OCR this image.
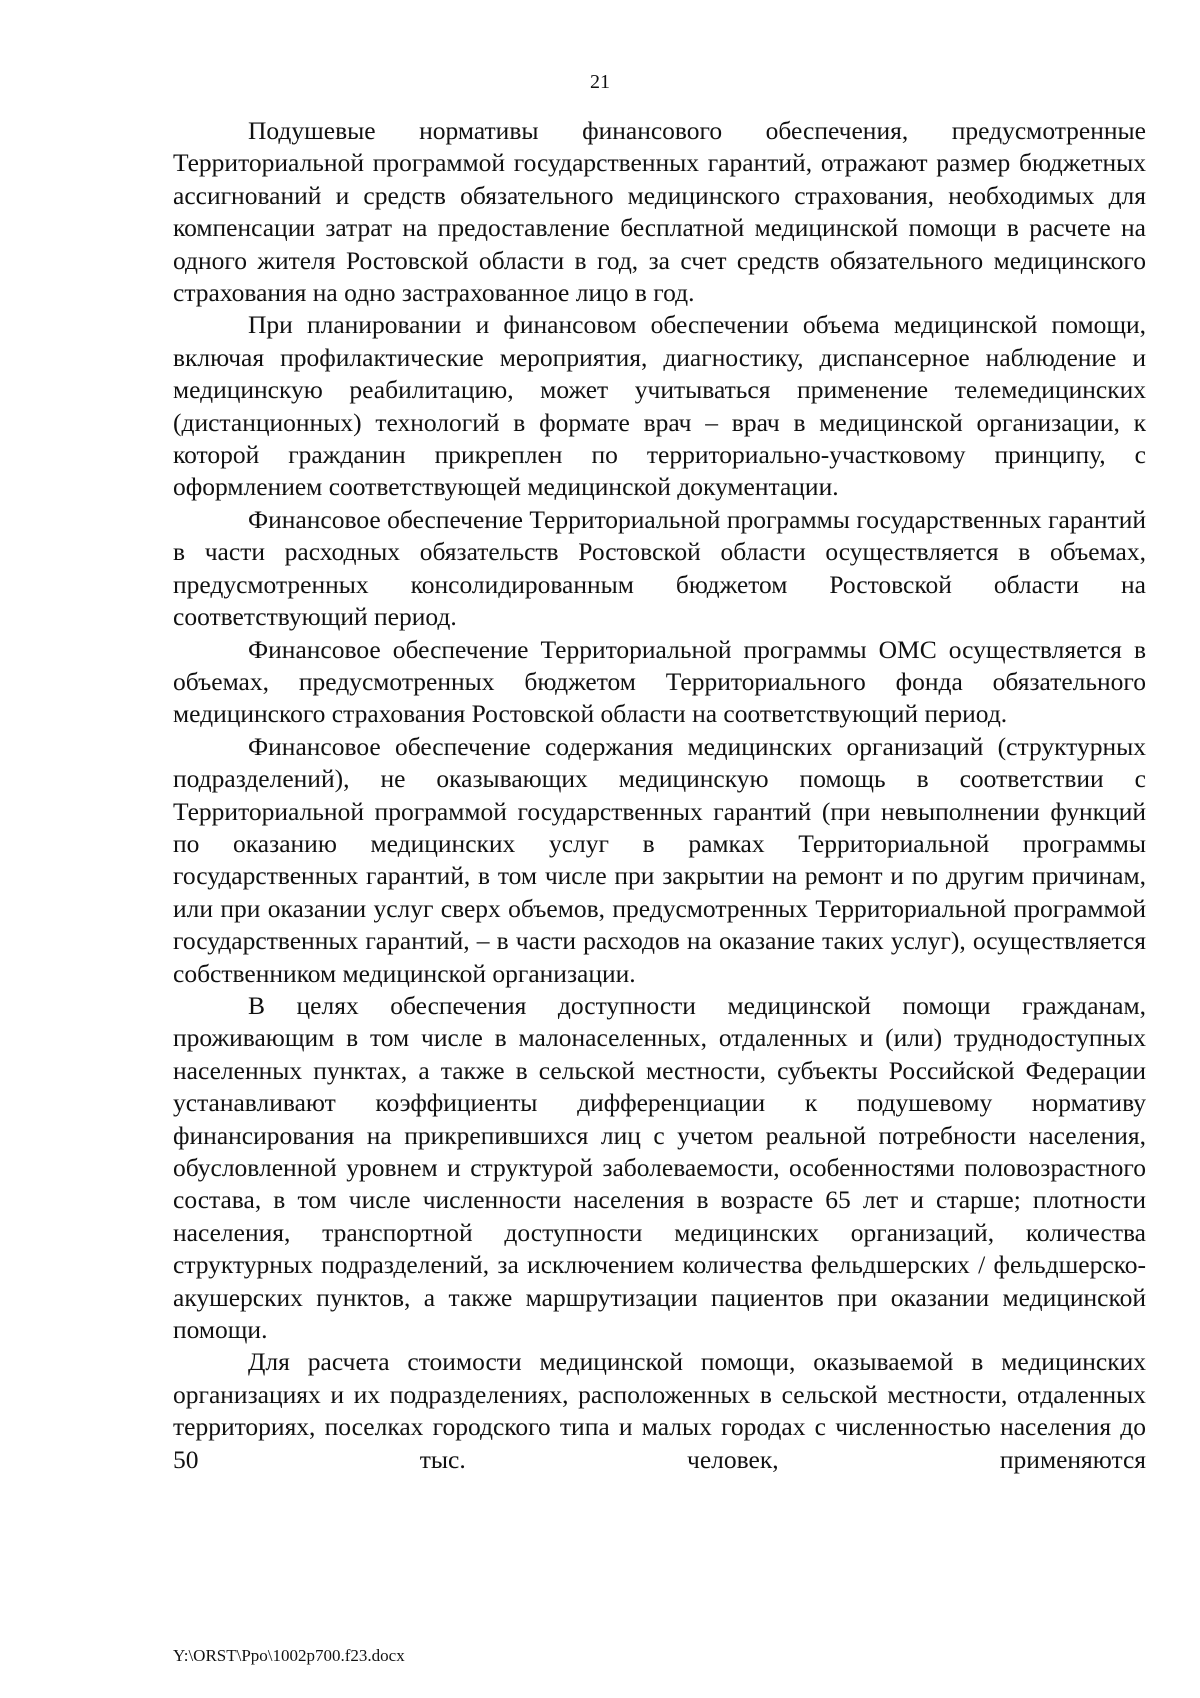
21

Подушевые нормативы финансового обеспечения, предусмотренные Территориальной программой государственных гарантий, отражают размер бюджетных ассигнований и средств обязательного медицинского страхования, необходимых для компенсации затрат на предоставление бесплатной медицинской помощи в расчете на одного жителя Ростовской области в год, за счет средств обязательного медицинского страхования на одно застрахованное лицо в год.

При планировании и финансовом обеспечении объема медицинской помощи, включая профилактические мероприятия, диагностику, диспансерное наблюдение и медицинскую реабилитацию, может учитываться применение телемедицинских (дистанционных) технологий в формате врач – врач в медицинской организации, к которой гражданин прикреплен по территориально-участковому принципу, с оформлением соответствующей медицинской документации.

Финансовое обеспечение Территориальной программы государственных гарантий в части расходных обязательств Ростовской области осуществляется в объемах, предусмотренных консолидированным бюджетом Ростовской области на соответствующий период.

Финансовое обеспечение Территориальной программы ОМС осуществляется в объемах, предусмотренных бюджетом Территориального фонда обязательного медицинского страхования Ростовской области на соответствующий период.

Финансовое обеспечение содержания медицинских организаций (структурных подразделений), не оказывающих медицинскую помощь в соответствии с Территориальной программой государственных гарантий (при невыполнении функций по оказанию медицинских услуг в рамках Территориальной программы государственных гарантий, в том числе при закрытии на ремонт и по другим причинам, или при оказании услуг сверх объемов, предусмотренных Территориальной программой государственных гарантий, – в части расходов на оказание таких услуг), осуществляется собственником медицинской организации.

В целях обеспечения доступности медицинской помощи гражданам, проживающим в том числе в малонаселенных, отдаленных и (или) труднодоступных населенных пунктах, а также в сельской местности, субъекты Российской Федерации устанавливают коэффициенты дифференциации к подушевому нормативу финансирования на прикрепившихся лиц с учетом реальной потребности населения, обусловленной уровнем и структурой заболеваемости, особенностями половозрастного состава, в том числе численности населения в возрасте 65 лет и старше; плотности населения, транспортной доступности медицинских организаций, количества структурных подразделений, за исключением количества фельдшерских / фельдшерско-акушерских пунктов, а также маршрутизации пациентов при оказании медицинской помощи.

Для расчета стоимости медицинской помощи, оказываемой в медицинских организациях и их подразделениях, расположенных в сельской местности, отдаленных территориях, поселках городского типа и малых городах с численностью населения до 50 тыс. человек, применяются

Y:\ORST\Ppo\1002p700.f23.docx
